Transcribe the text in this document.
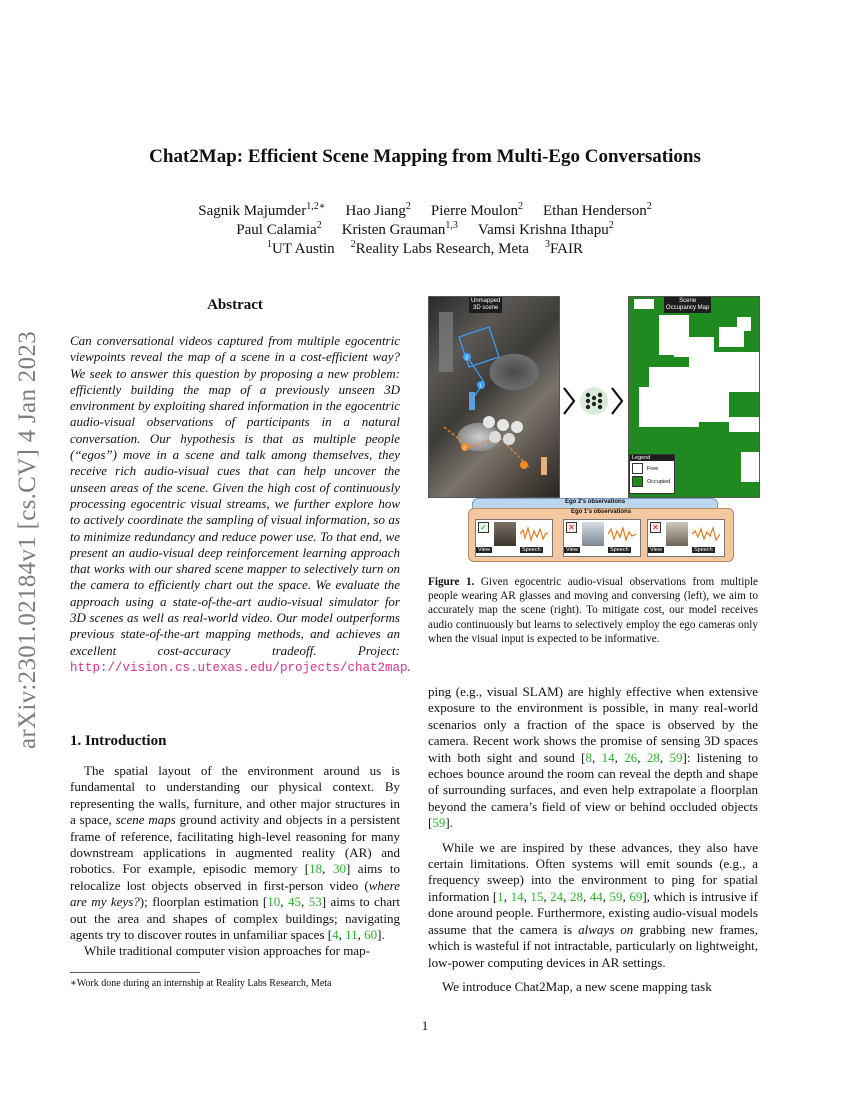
Chat2Map: Efficient Scene Mapping from Multi-Ego Conversations
Sagnik Majumder$^{1,2∗}$ Hao Jiang$^2$ Pierre Moulon$^2$ Ethan Henderson$^2$
Paul Calamia$^2$ Kristen Grauman$^{1,3}$ Vamsi Krishna Ithapu$^2$
$^1$UT Austin $^2$Reality Labs Research, Meta $^3$FAIR
arXiv:2301.02184v1 [cs.CV] 4 Jan 2023
Abstract
Can conversational videos captured from multiple egocentric viewpoints reveal the map of a scene in a cost-efficient way? We seek to answer this question by proposing a new problem: efficiently building the map of a previously unseen 3D environment by exploiting shared information in the egocentric audio-visual observations of participants in a natural conversation. Our hypothesis is that as multiple people (“egos”) move in a scene and talk among themselves, they receive rich audio-visual cues that can help uncover the unseen areas of the scene. Given the high cost of continuously processing egocentric visual streams, we further explore how to actively coordinate the sampling of visual information, so as to minimize redundancy and reduce power use. To that end, we present an audio-visual deep reinforcement learning approach that works with our shared scene mapper to selectively turn on the camera to efficiently chart out the space. We evaluate the approach using a state-of-the-art audio-visual simulator for 3D scenes as well as real-world video. Our model outperforms previous state-of-the-art mapping methods, and achieves an excellent cost-accuracy tradeoff. Project: http://vision.cs.utexas.edu/projects/chat2map.
1. Introduction

The spatial layout of the environment around us is fundamental to understanding our physical context. By representing the walls, furniture, and other major structures in a space, scene maps ground activity and objects in a persistent frame of reference, facilitating high-level reasoning for many downstream applications in augmented reality (AR) and robotics. For example, episodic memory [18, 30] aims to relocalize lost objects observed in first-person video (where are my keys?); floorplan estimation [10, 45, 53] aims to chart out the area and shapes of complex buildings; navigating agents try to discover routes in unfamiliar spaces [4, 11, 60].

While traditional computer vision approaches for map-

∗Work done during an internship at Reality Labs Research, Meta

ping (e.g., visual SLAM) are highly effective when extensive exposure to the environment is possible, in many real-world scenarios only a fraction of the space is observed by the camera. Recent work shows the promise of sensing 3D spaces with both sight and sound [8, 14, 26, 28, 59]: listening to echoes bounce around the room can reveal the depth and shape of surrounding surfaces, and even help extrapolate a floorplan beyond the camera’s field of view or behind occluded objects [59].

While we are inspired by these advances, they also have certain limitations. Often systems will emit sounds (e.g., a frequency sweep) into the environment to ping for spatial information [1, 14, 15, 24, 28, 44, 59, 69], which is intrusive if done around people. Furthermore, existing audio-visual models assume that the camera is always on grabbing new frames, which is wasteful if not intractable, particularly on lightweight, low-power computing devices in AR settings.

We introduce Chat2Map, a new scene mapping task

Unmapped
3D scene
3
1
2
Scene
Occupancy Map
Legend
Free
Occupied
Ego 2's observations
Ego 1's observations
✓
View	Speech
✕
View	Speech
✕
View	Speech
Figure 1. Given egocentric audio-visual observations from multiple people wearing AR glasses and moving and conversing (left), we aim to accurately map the scene (right). To mitigate cost, our model receives audio continuously but learns to selectively employ the ego cameras only when the visual input is expected to be informative.
1
